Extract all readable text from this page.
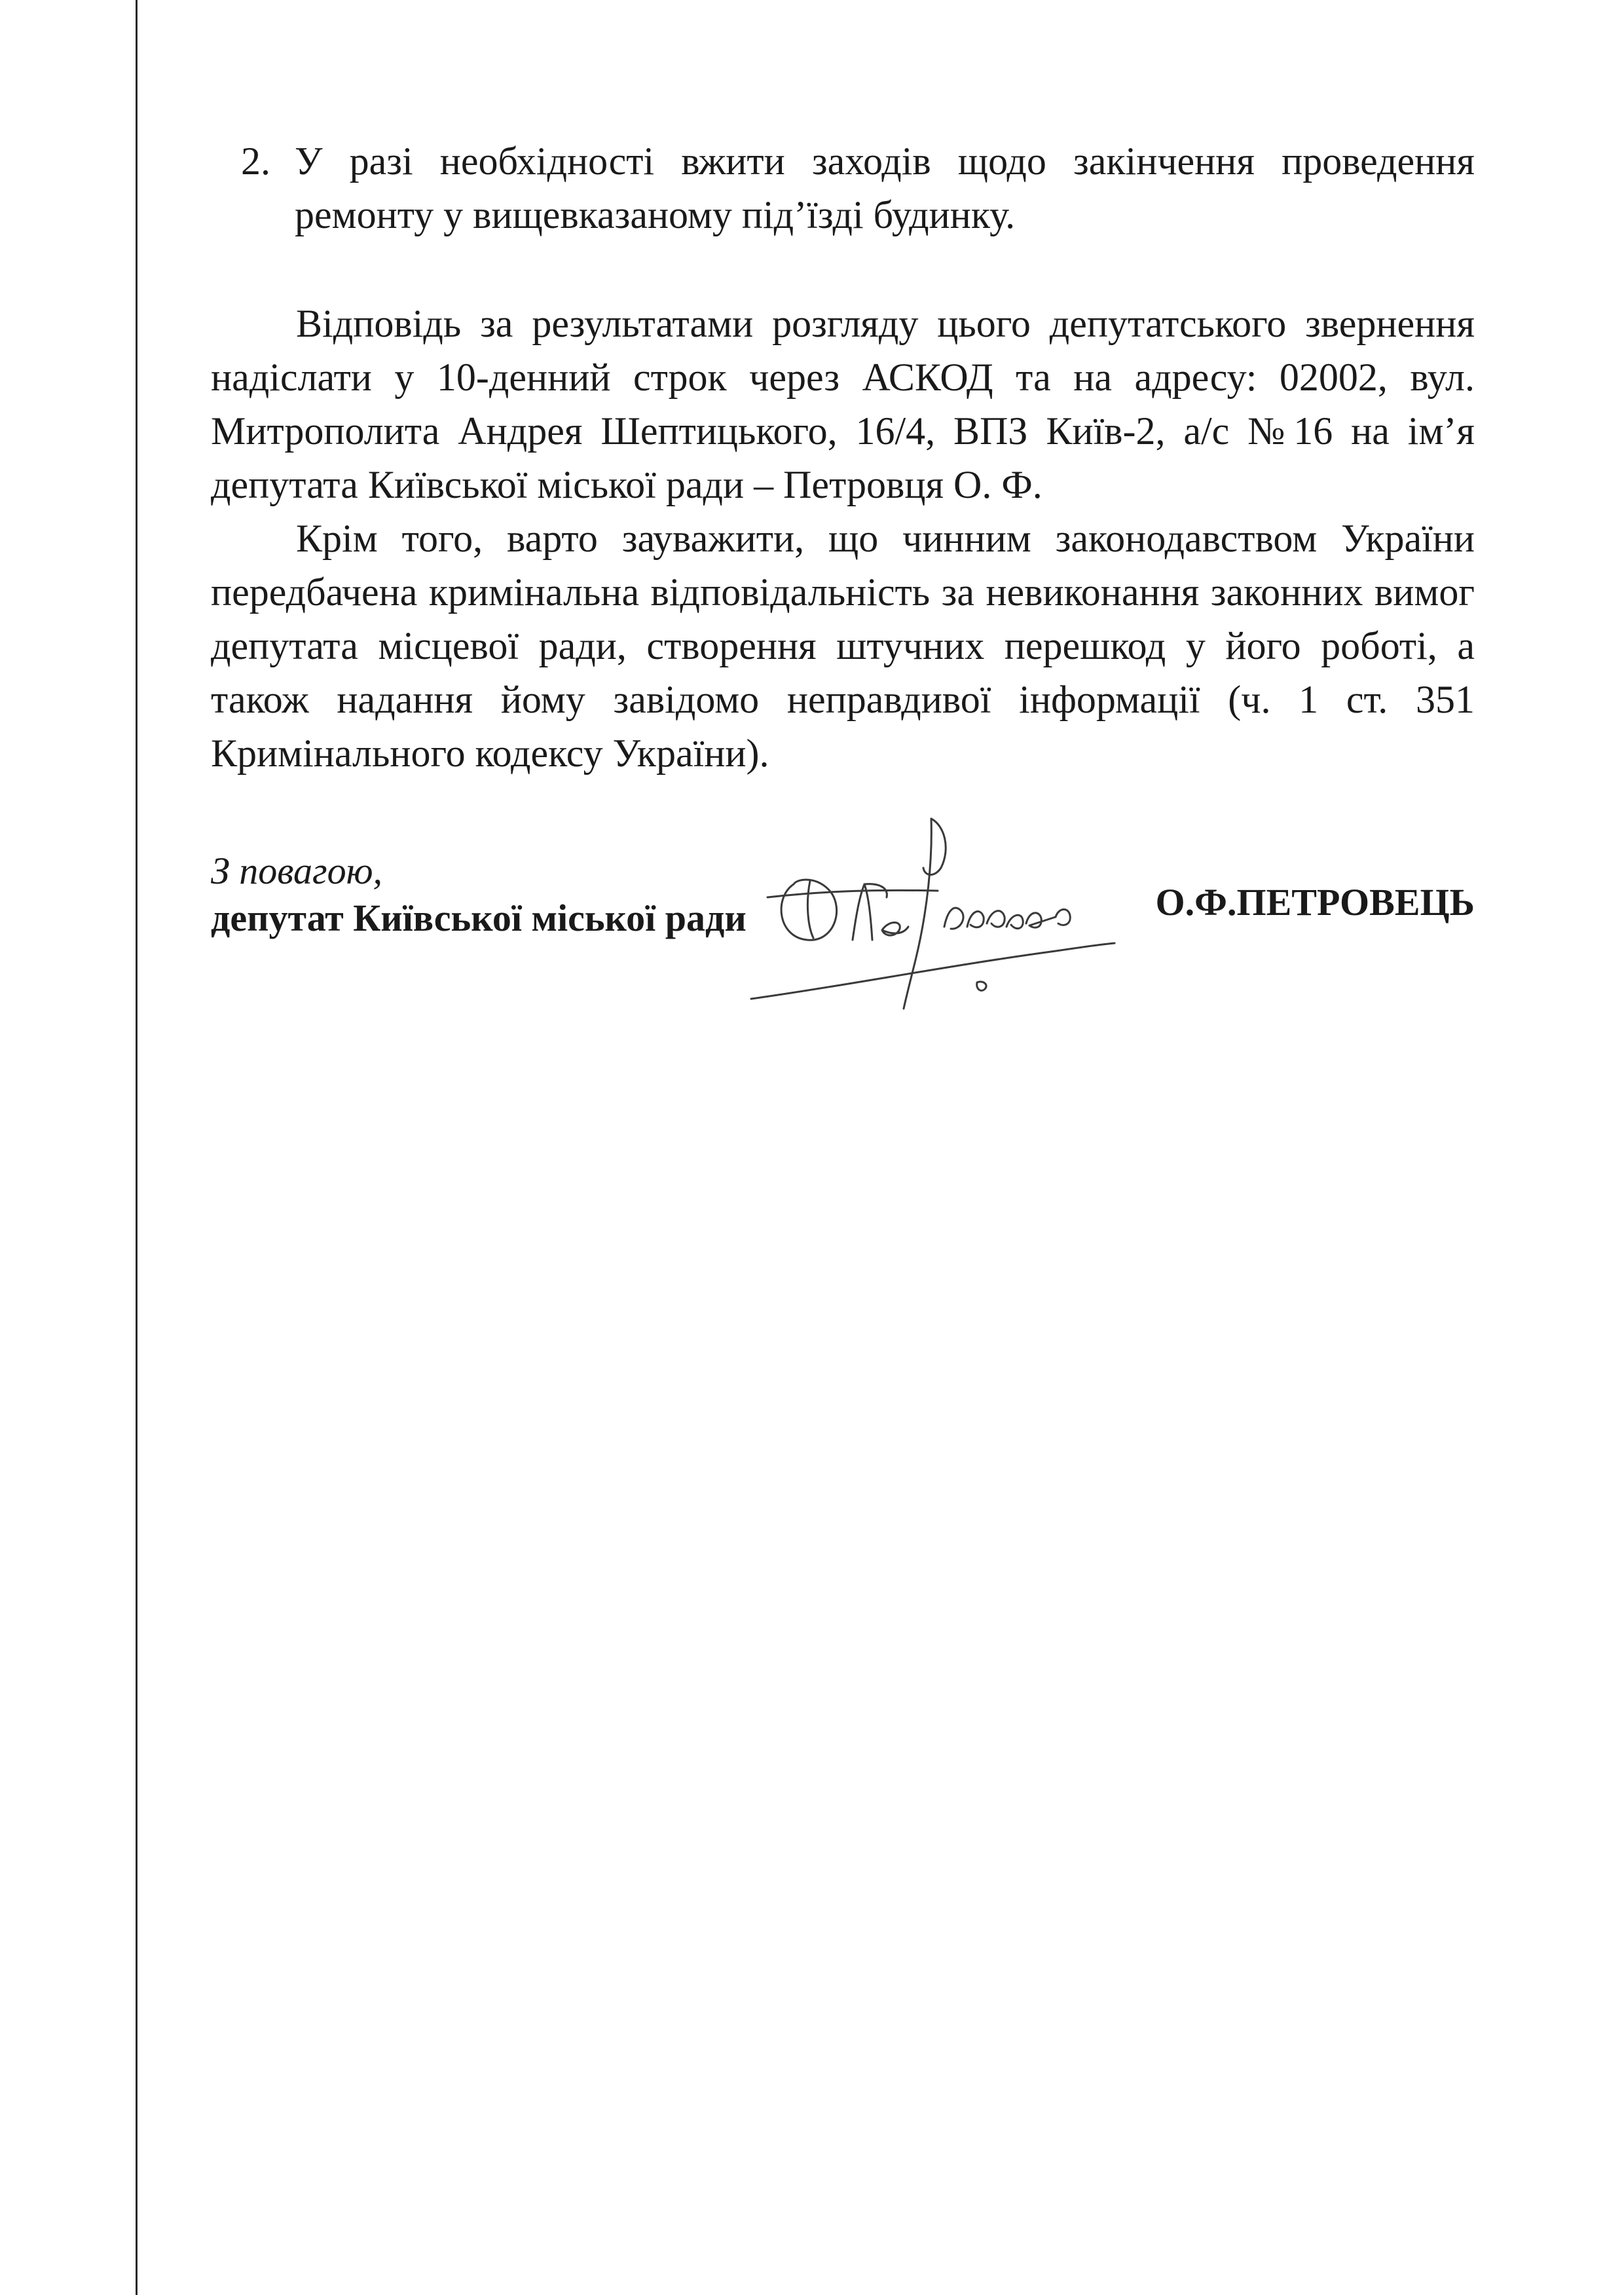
2. У разі необхідності вжити заходів щодо закінчення проведення ремонту у вищевказаному під’їзді будинку.

Відповідь за результатами розгляду цього депутатського звернення надіслати у 10-денний строк через АСКОД та на адресу: 02002, вул. Митрополита Андрея Шептицького, 16/4, ВПЗ Київ-2, а/с №16 на ім’я депутата Київської міської ради – Петровця О. Ф.

Крім того, варто зауважити, що чинним законодавством України передбачена кримінальна відповідальність за невиконання законних вимог депутата місцевої ради, створення штучних перешкод у його роботі, а також надання йому завідомо неправдивої інформації (ч. 1 ст. 351 Кримінального кодексу України).

З повагою,
депутат Київської міської ради	О.Ф.ПЕТРОВЕЦЬ
